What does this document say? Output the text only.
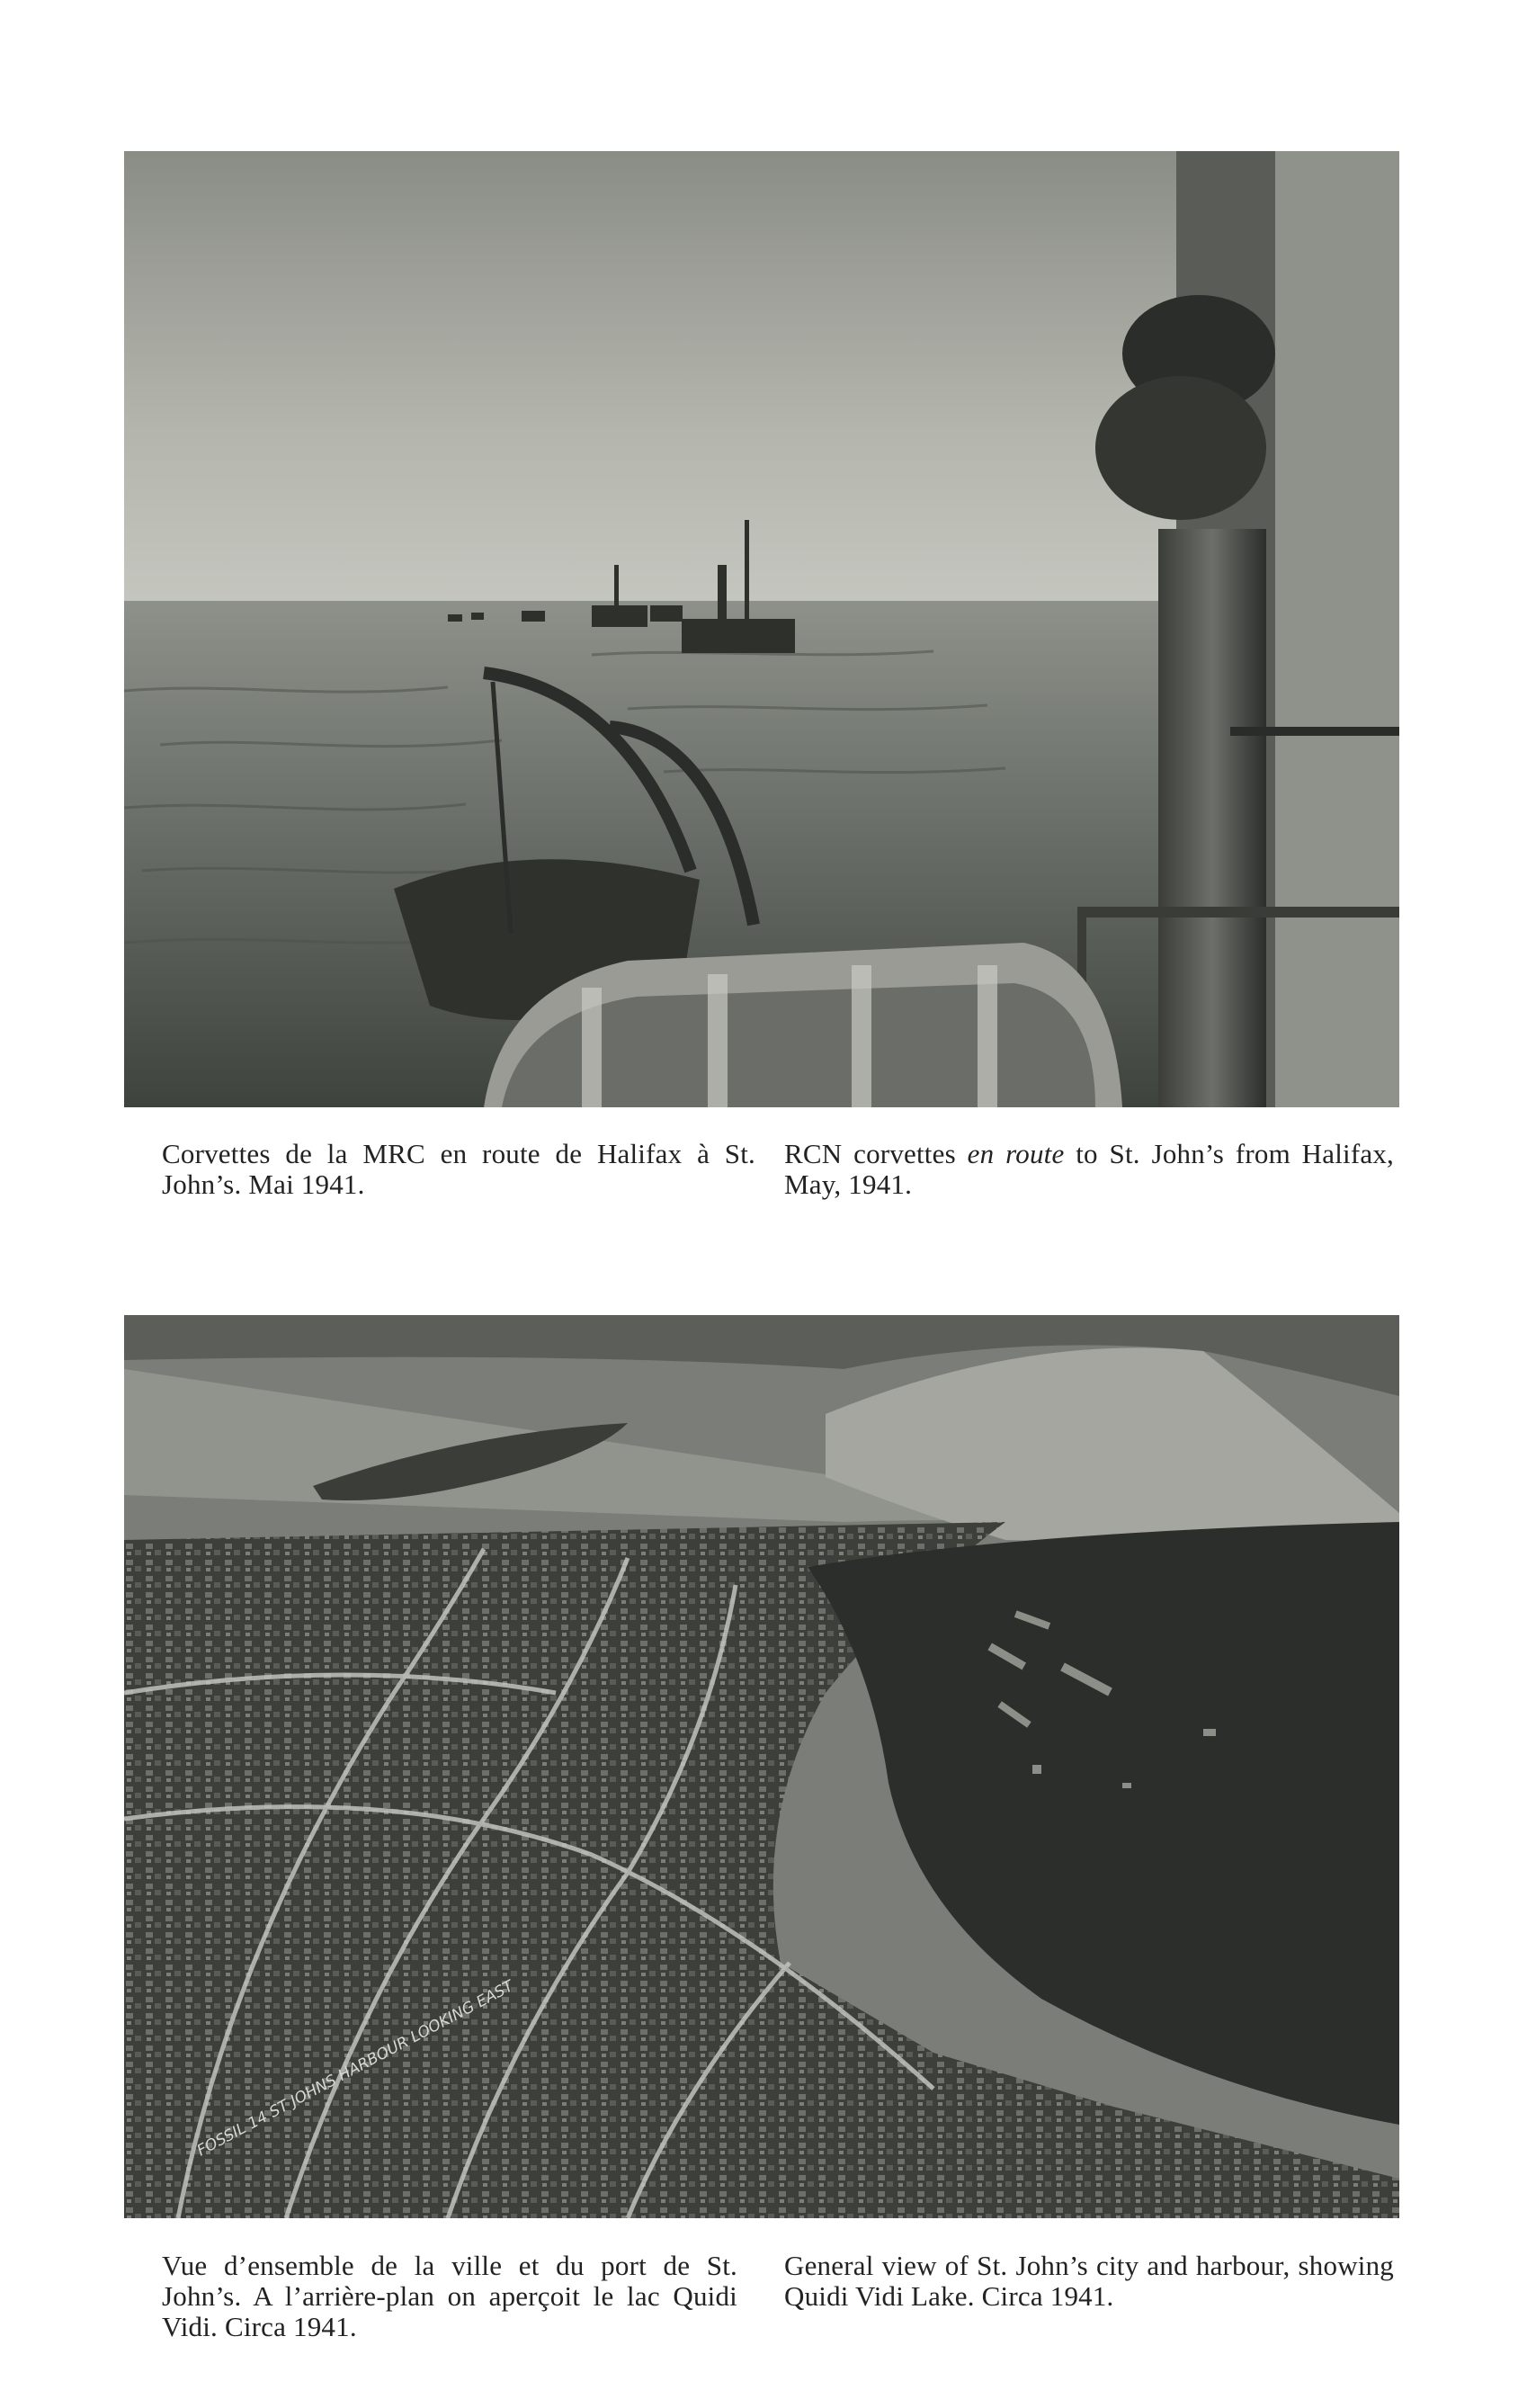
Corvettes de la MRC en route de Halifax à St. John’s. Mai 1941.
RCN corvettes en route to St. John’s from Halifax, May, 1941.
FOSSIL 14 ST JOHNS HARBOUR LOOKING EAST
Vue d’ensemble de la ville et du port de St. John’s. A l’arrière-plan on aperçoit le lac Quidi Vidi. Circa 1941.
General view of St. John’s city and harbour, showing Quidi Vidi Lake. Circa 1941.
